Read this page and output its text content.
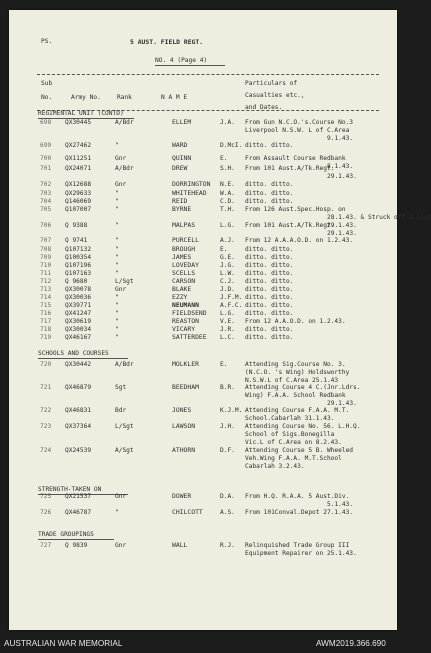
PS.	5 AUST. FIELD REGT.
NO. 4 (Page 4)
Sub
No.	Army No.	Rank	N A M E
Particulars of
Casualties etc.,
and Dates.
REGIMENTAL UNIT (CONTD)
SCHOOLS AND COURSES
STRENGTH-TAKEN ON
TRADE GROUPINGS
698 QX30445	A/Bdr	ELLEM	J.A. From Gun N.C.O.'s.Course No.3
Liverpool N.S.W. L of C.Area
9.1.43.
699 QX27462	"	WARD	D.McI. ditto. ditto.
700 QX11251	Gnr	QUINN	E.	From Assault Course Redbank
8.1.43.
701 QX24071	A/Bdr	DREW	S.H. From 101 Aust.A/Tk.Regt.
29.1.43.
702 QX12688	Gnr	DORRINGTON N.E. ditto. ditto.
703 QX29633	"	WHITEHEAD W.A. ditto. ditto.
704 Q146069	"	REID	C.D. ditto. ditto.
705 Q107007	"	BYRNE	T.H. From 126 Aust.Spec.Hosp. on
28.1.43. & Struck off X List
29.1.43.
706 Q 9388	"	MALPAS	L.G. From 101 Aust.A/Tk.Regt.
29.1.43.
707 Q 9741	"	PURCELL	A.J. From 12 A.A.A.O.D. on 1.2.43.
708 Q107132	"	BROUGH	E.	ditto. ditto.
709 Q100354	"	JAMES	G.E. ditto. ditto.
710 Q107196	"	LOVEDAY	J.G. ditto. ditto.
711 Q107163	"	SCELLS	L.W. ditto. ditto.
712 Q 9680	L/Sgt	CARSON	C.J. ditto. ditto.
713 QX30078	Gnr	BLAKE	J.D. ditto. ditto.
714 QX30036	"	EZZY	J.F.M. ditto. ditto.
715 QX39771	"	NEUMANN	A.F.C. ditto. ditto.
716 QX41247	"	FIELDSEND L.G. ditto. ditto.
717 QX30619	"	REASTON	V.E. From 12 A.A.O.D. on 1.2.43.
718 QX30034	"	VICARY	J.R. ditto. ditto.
719 QX46167	"	SATTERDEE L.C. ditto. ditto.
720 QX30442	A/Bdr	MOLKLER	E.	Attending Sig.Course No. 3.
(N.C.O. 's Wing) Holdsworthy
N.S.W.L of C.Area 25.1.43
721 QX46879	Sgt	BEEDHAM	B.R. Attending Course 4 C.(Jnr.Ldrs.
Wing) F.A.A. School Redbank
29.1.43.
722 QX46831	Bdr	JONES	K.J.M. Attending Course F.A.A. M.T.
School.Cabarlah 31.1.43.
723 QX37364	L/Sgt	LAWSON	J.H. Attending Course No. 56. L.H.Q.
School of Sigs.Bonegilla
Vic.L of C.Area on 8.2.43.
724 QX24539	A/Sgt	ATHORN	D.F. Attending Course 5 B. Wheeled
Veh.Wing F.A.A. M.T.School
Cabarlah 3.2.43.
725 QX21537	Gnr	DOWER	D.A. From H.Q. R.A.A. 5 Aust.Div.
5.1.43.
726 QX46787	"	CHILCOTT	A.S. From 101Conval.Depot 27.1.43.
727 Q 9839	Gnr	WALL	R.J. Relinquished Trade Group III
Equipment Repairer on 25.1.43.
AUSTRALIAN WAR MEMORIAL	AWM2019.366.690
